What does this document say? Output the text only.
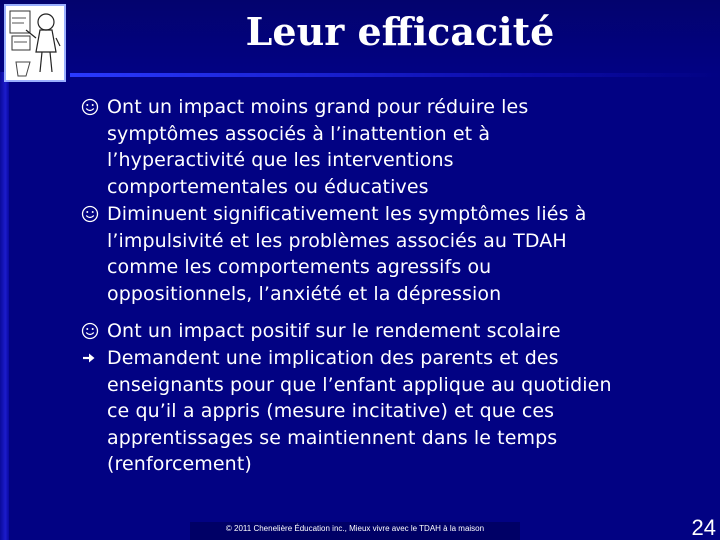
Leur efficacité
Ont un impact moins grand pour réduire les
symptômes associés à l’inattention et à
l’hyperactivité que les interventions
comportementales ou éducatives
Diminuent significativement les symptômes liés à
l’impulsivité et les problèmes associés au TDAH
comme les comportements agressifs ou
oppositionnels, l’anxiété et la dépression
Ont un impact positif sur le rendement scolaire
Demandent une implication des parents et des
enseignants pour que l’enfant applique au quotidien
ce qu’il a appris (mesure incitative) et que ces
apprentissages se maintiennent dans le temps
(renforcement)
© 2011 Chenelière Éducation inc., Mieux vivre avec le TDAH à la maison	24
